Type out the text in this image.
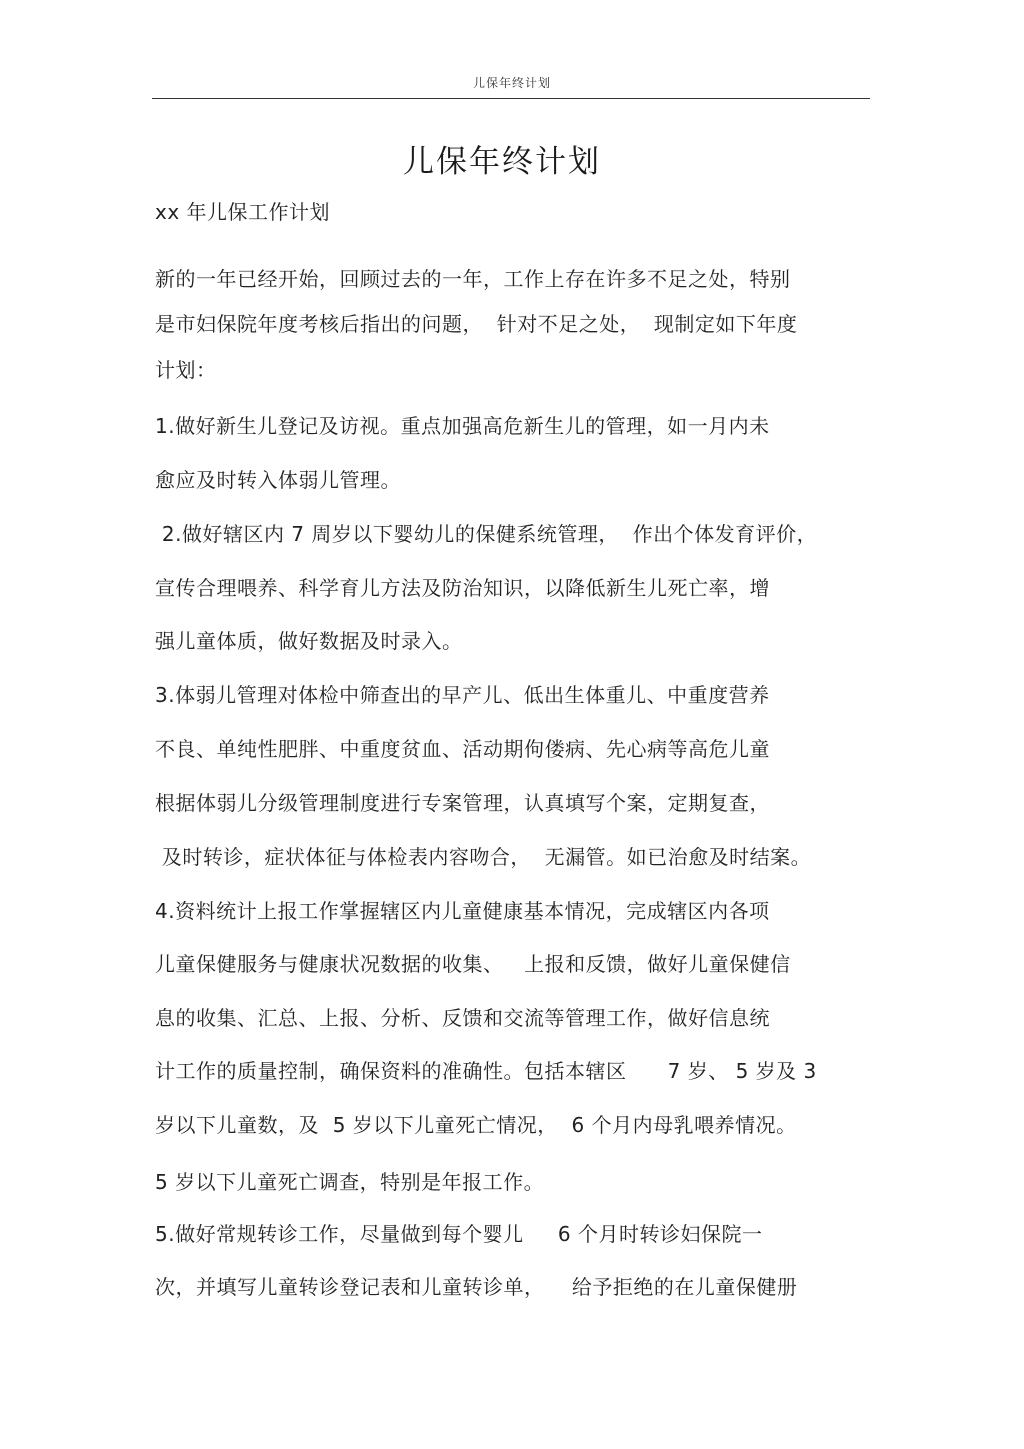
儿保年终计划
儿保年终计划
xx 年儿保工作计划
新的一年已经开始，回顾过去的一年，工作上存在许多不足之处，特别
是市妇保院年度考核后指出的问题，  针对不足之处，  现制定如下年度
计划：
1.做好新生儿登记及访视。重点加强高危新生儿的管理，如一月内未
愈应及时转入体弱儿管理。
2.做好辖区内 7 周岁以下婴幼儿的保健系统管理，  作出个体发育评价，
宣传合理喂养、科学育儿方法及防治知识，以降低新生儿死亡率，增
强儿童体质，做好数据及时录入。
3.体弱儿管理对体检中筛查出的早产儿、低出生体重儿、中重度营养
不良、单纯性肥胖、中重度贫血、活动期佝偻病、先心病等高危儿童
根据体弱儿分级管理制度进行专案管理，认真填写个案，定期复查，
及时转诊，症状体征与体检表内容吻合，  无漏管。如已治愈及时结案。
4.资料统计上报工作掌握辖区内儿童健康基本情况，完成辖区内各项
儿童保健服务与健康状况数据的收集、   上报和反馈，做好儿童保健信
息的收集、汇总、上报、分析、反馈和交流等管理工作，做好信息统
计工作的质量控制，确保资料的准确性。包括本辖区      7 岁、 5 岁及 3
岁以下儿童数，及  5 岁以下儿童死亡情况，  6 个月内母乳喂养情况。
5 岁以下儿童死亡调查，特别是年报工作。
5.做好常规转诊工作，尽量做到每个婴儿     6 个月时转诊妇保院一
次，并填写儿童转诊登记表和儿童转诊单，    给予拒绝的在儿童保健册
